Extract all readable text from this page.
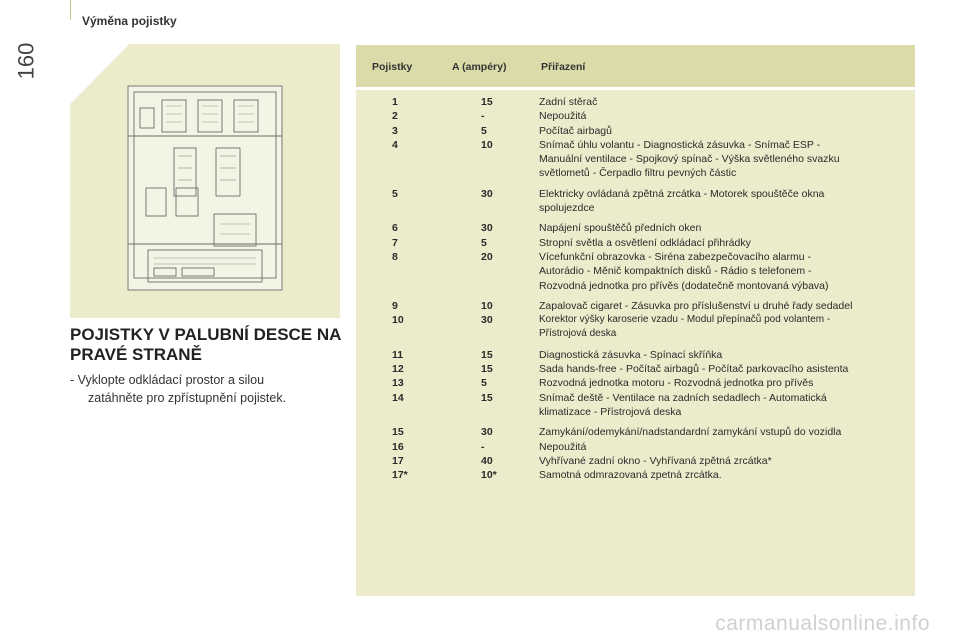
160
Výměna pojistky
POJISTKY V PALUBNÍ DESCE NA PRAVÉ STRANĚ
- Vyklopte odkládací prostor a silou
zatáhněte pro zpřístupnění pojistek.
Pojistky	A (ampéry)	Přiřazení
1	15	Zadní stěrač
2	-	Nepoužitá
3	5	Počítač airbagů
4	10	Snímač úhlu volantu - Diagnostická zásuvka - Snímač ESP -
Manuální ventilace - Spojkový spínač - Výška světleného svazku
světlometů - Čerpadlo filtru pevných částic
5	30	Elektricky ovládaná zpětná zrcátka - Motorek spouštěče okna
spolujezdce
6	30	Napájení spouštěčů předních oken
7	5	Stropní světla a osvětlení odkládací přihrádky
8	20	Vícefunkční obrazovka - Siréna zabezpečovacího alarmu -
Autorádio - Měnič kompaktních disků - Rádio s telefonem -
Rozvodná jednotka pro přívěs (dodatečně montovaná výbava)
9	10	Zapalovač cigaret - Zásuvka pro příslušenství u druhé řady sedadel
10	30	Korektor výšky karoserie vzadu - Modul přepínačů pod volantem -
Přístrojová deska
11	15	Diagnostická zásuvka - Spínací skříňka
12	15	Sada hands-free - Počítač airbagů - Počítač parkovacího asistenta
13	5	Rozvodná jednotka motoru - Rozvodná jednotka pro přívěs
14	15	Snímač deště - Ventilace na zadních sedadlech - Automatická
klimatizace - Přístrojová deska
15	30	Zamykání/odemykání/nadstandardní zamykání vstupů do vozidla
16	-	Nepoužitá
17	40	Vyhřívané zadní okno - Vyhřívaná zpětná zrcátka*
17*	10*	Samotná odmrazovaná zpetná zrcátka.
carmanualsonline.info
